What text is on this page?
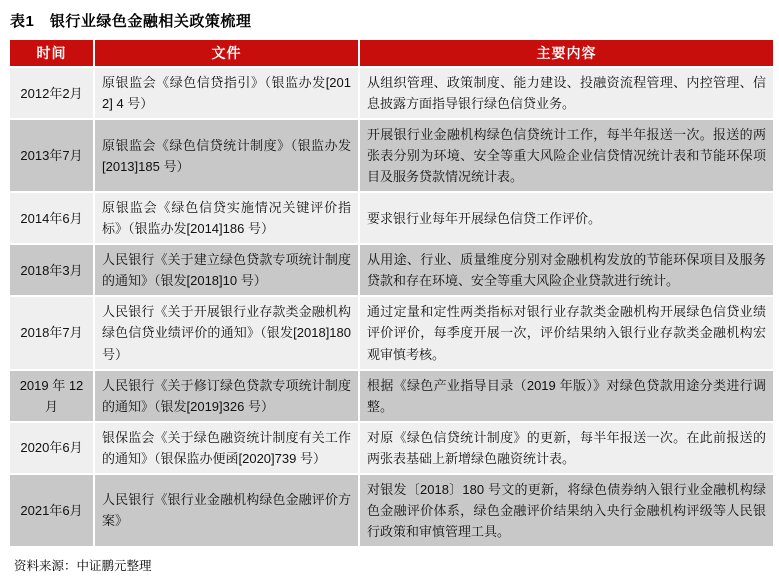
表1　银行业绿色金融相关政策梳理
时间	文件	主要内容
2012年2月	原银监会《绿色信贷指引》（银监办发[2012] 4 号）	从组织管理、政策制度、能力建设、投融资流程管理、内控管理、信息披露方面指导银行绿色信贷业务。
2013年7月	原银监会《绿色信贷统计制度》（银监办发[2013]185 号）	开展银行业金融机构绿色信贷统计工作，每半年报送一次。报送的两张表分别为环境、安全等重大风险企业信贷情况统计表和节能环保项目及服务贷款情况统计表。
2014年6月	原银监会《绿色信贷实施情况关键评价指标》（银监办发[2014]186 号）	要求银行业每年开展绿色信贷工作评价。
2018年3月	人民银行《关于建立绿色贷款专项统计制度的通知》（银发[2018]10 号）	从用途、行业、质量维度分别对金融机构发放的节能环保项目及服务贷款和存在环境、安全等重大风险企业贷款进行统计。
2018年7月	人民银行《关于开展银行业存款类金融机构绿色信贷业绩评价的通知》（银发[2018]180 号）	通过定量和定性两类指标对银行业存款类金融机构开展绿色信贷业绩评价评价，每季度开展一次，评价结果纳入银行业存款类金融机构宏观审慎考核。
2019 年 12 月	人民银行《关于修订绿色贷款专项统计制度的通知》（银发[2019]326 号）	根据《绿色产业指导目录（2019 年版）》对绿色贷款用途分类进行调整。
2020年6月	银保监会《关于绿色融资统计制度有关工作的通知》（银保监办便函[2020]739 号）	对原《绿色信贷统计制度》的更新，每半年报送一次。在此前报送的两张表基础上新增绿色融资统计表。
2021年6月	人民银行《银行业金融机构绿色金融评价方案》	对银发〔2018〕180 号文的更新，将绿色债券纳入银行业金融机构绿色金融评价体系，绿色金融评价结果纳入央行金融机构评级等人民银行政策和审慎管理工具。
资料来源：中证鹏元整理
